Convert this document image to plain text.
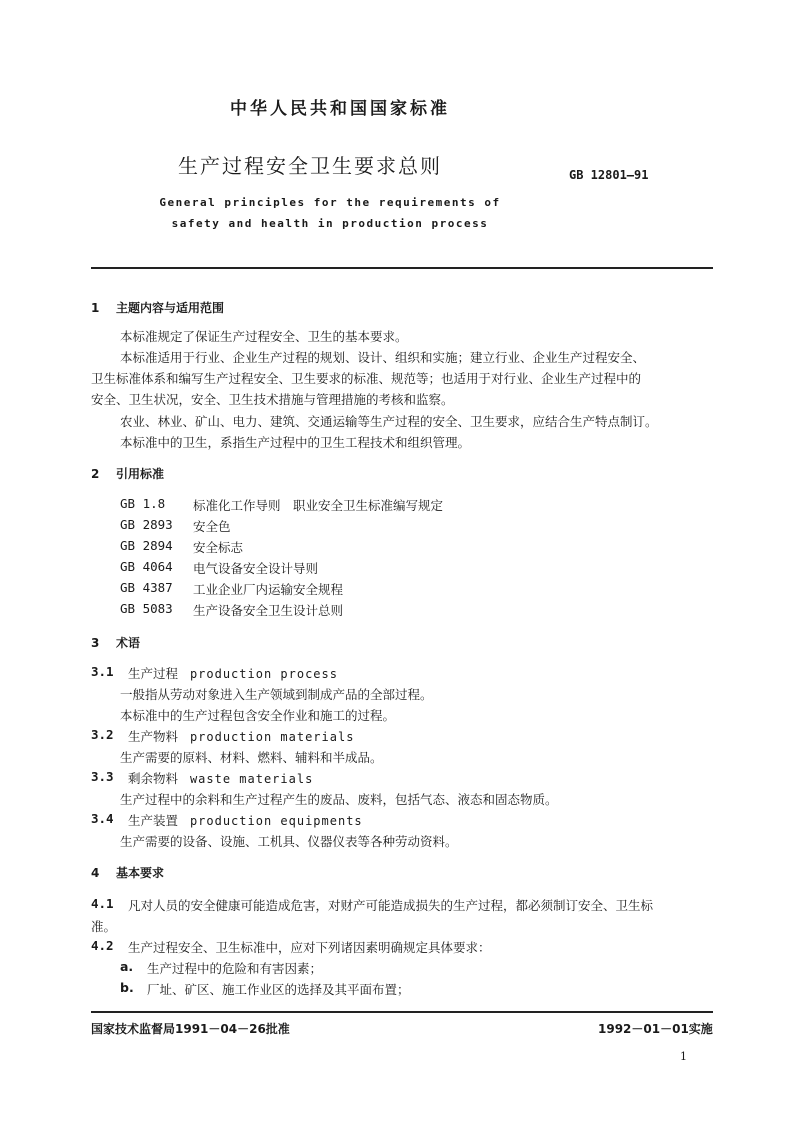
中华人民共和国国家标准
生产过程安全卫生要求总则	GB 12801—91
General principles for the requirements of
safety and health in production process
1 主题内容与适用范围
本标准规定了保证生产过程安全、卫生的基本要求。
本标准适用于行业、企业生产过程的规划、设计、组织和实施；建立行业、企业生产过程安全、
卫生标准体系和编写生产过程安全、卫生要求的标准、规范等；也适用于对行业、企业生产过程中的
安全、卫生状况，安全、卫生技术措施与管理措施的考核和监察。
农业、林业、矿山、电力、建筑、交通运输等生产过程的安全、卫生要求，应结合生产特点制订。
本标准中的卫生，系指生产过程中的卫生工程技术和组织管理。
2 引用标准
GB 1.8 标准化工作导则　职业安全卫生标准编写规定
GB 2893 安全色
GB 2894 安全标志
GB 4064 电气设备安全设计导则
GB 4387 工业企业厂内运输安全规程
GB 5083 生产设备安全卫生设计总则
3 术语
3.1 生产过程 production process
一般指从劳动对象进入生产领域到制成产品的全部过程。
本标准中的生产过程包含安全作业和施工的过程。
3.2 生产物料 production materials
生产需要的原料、材料、燃料、辅料和半成品。
3.3 剩余物料 waste materials
生产过程中的余料和生产过程产生的废品、废料，包括气态、液态和固态物质。
3.4 生产装置 production equipments
生产需要的设备、设施、工机具、仪器仪表等各种劳动资料。
4 基本要求
4.1 凡对人员的安全健康可能造成危害，对财产可能造成损失的生产过程，都必须制订安全、卫生标
准。
4.2 生产过程安全、卫生标准中，应对下列诸因素明确规定具体要求：
a. 生产过程中的危险和有害因素；
b. 厂址、矿区、施工作业区的选择及其平面布置；
国家技术监督局1991－04－26批准	1992－01－01实施
1
